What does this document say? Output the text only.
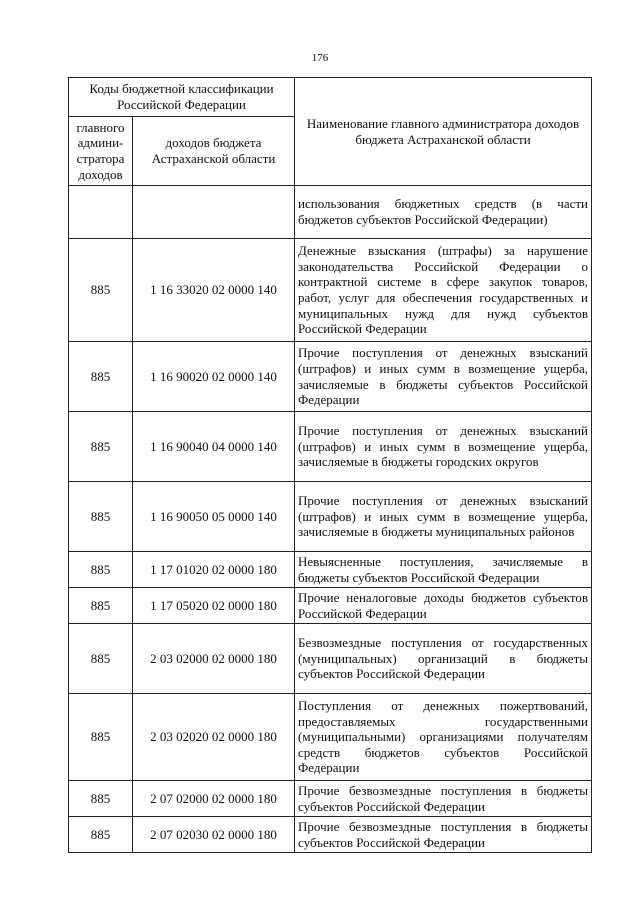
176
Коды бюджетной классификации Российской Федерации		Наименование главного администратора доходов бюджета Астраханской области
главного админи-стратора доходов	доходов бюджета Астраханской области	
		использования бюджетных средств (в части бюджетов субъектов Российской Федерации)
885	1 16 33020 02 0000 140	Денежные взыскания (штрафы) за нарушение законодательства Российской Федерации о контрактной системе в сфере закупок товаров, работ, услуг для обеспечения государственных и муниципальных нужд для нужд субъектов Российской Федерации
885	1 16 90020 02 0000 140	Прочие поступления от денежных взысканий (штрафов) и иных сумм в возмещение ущерба, зачисляемые в бюджеты субъектов Российской Федерации
885	1 16 90040 04 0000 140	Прочие поступления от денежных взысканий (штрафов) и иных сумм в возмещение ущерба, зачисляемые в бюджеты городских округов
885	1 16 90050 05 0000 140	Прочие поступления от денежных взысканий (штрафов) и иных сумм в возмещение ущерба, зачисляемые в бюджеты муниципальных районов
885	1 17 01020 02 0000 180	Невыясненные поступления, зачисляемые в бюджеты субъектов Российской Федерации
885	1 17 05020 02 0000 180	Прочие неналоговые доходы бюджетов субъектов Российской Федерации
885	2 03 02000 02 0000 180	Безвозмездные поступления от государственных (муниципальных) организаций в бюджеты субъектов Российской Федерации
885	2 03 02020 02 0000 180	Поступления от денежных пожертвований, предоставляемых государственными (муниципальными) организациями получателям средств бюджетов субъектов Российской Федерации
885	2 07 02000 02 0000 180	Прочие безвозмездные поступления в бюджеты субъектов Российской Федерации
885	2 07 02030 02 0000 180	Прочие безвозмездные поступления в бюджеты субъектов Российской Федерации
